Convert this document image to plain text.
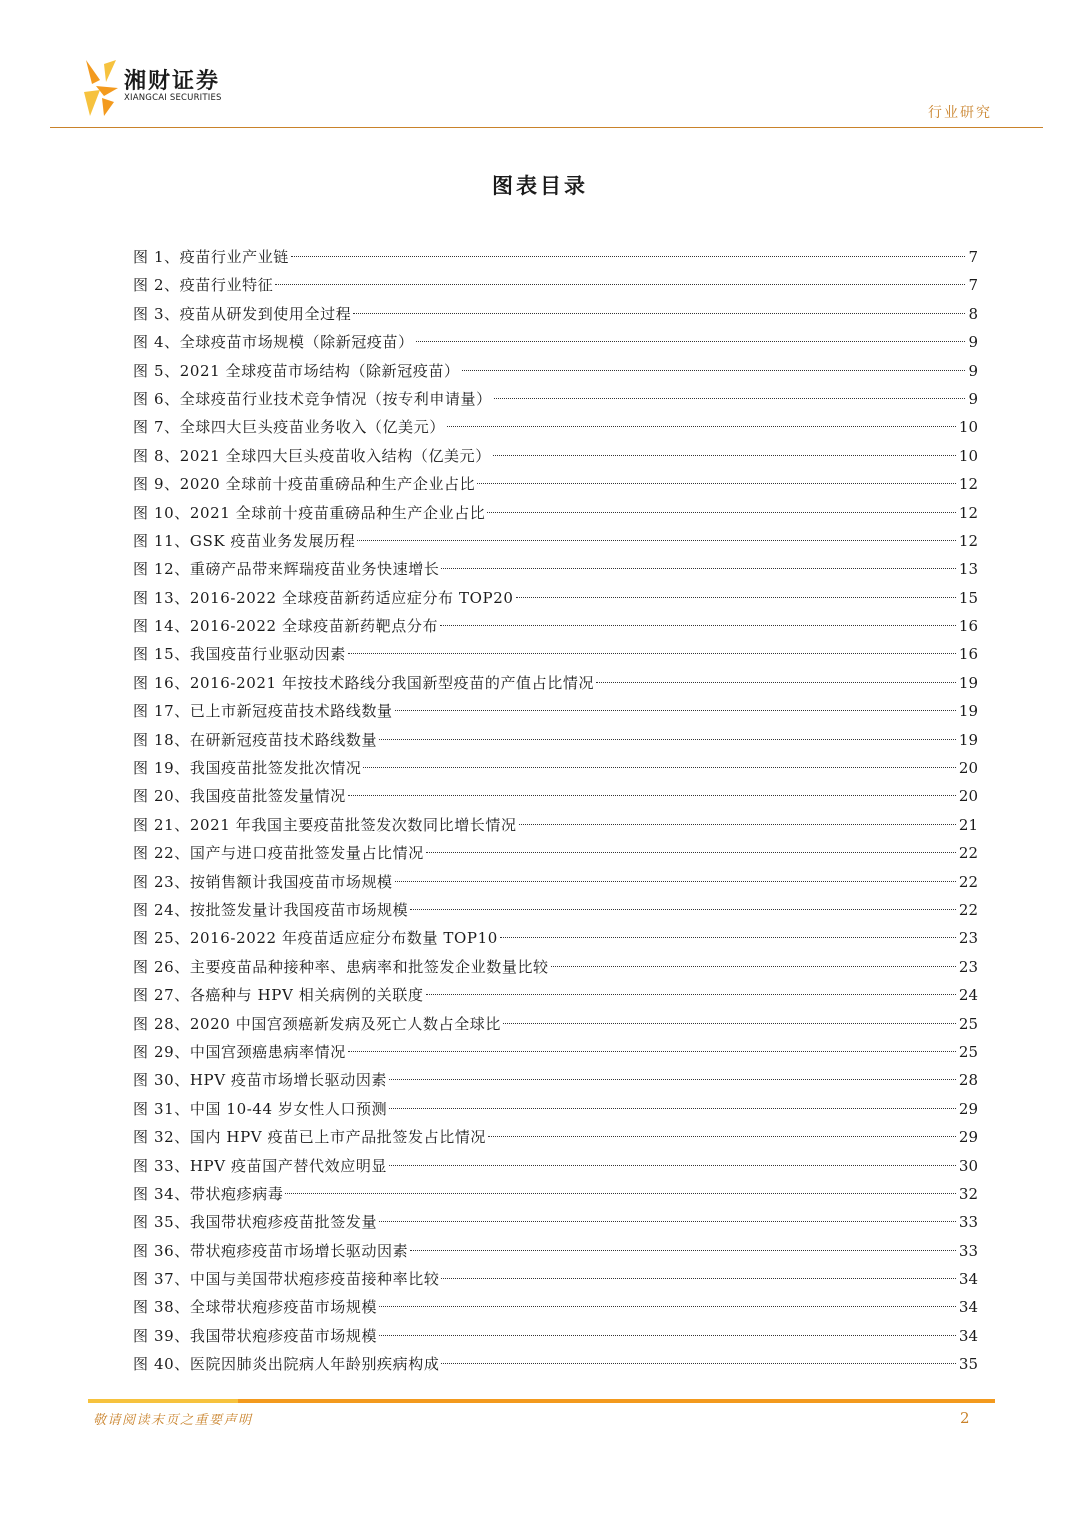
湘财证券
XIANGCAI SECURITIES
行业研究
图表目录
图 1、疫苗行业产业链	7
图 2、疫苗行业特征	7
图 3、疫苗从研发到使用全过程	8
图 4、全球疫苗市场规模（除新冠疫苗）	9
图 5、2021 全球疫苗市场结构（除新冠疫苗）	9
图 6、全球疫苗行业技术竞争情况（按专利申请量）	9
图 7、全球四大巨头疫苗业务收入（亿美元）	10
图 8、2021 全球四大巨头疫苗收入结构（亿美元）	10
图 9、2020 全球前十疫苗重磅品种生产企业占比	12
图 10、2021 全球前十疫苗重磅品种生产企业占比	12
图 11、GSK 疫苗业务发展历程	12
图 12、重磅产品带来辉瑞疫苗业务快速增长	13
图 13、2016-2022 全球疫苗新药适应症分布 TOP20	15
图 14、2016-2022 全球疫苗新药靶点分布	16
图 15、我国疫苗行业驱动因素	16
图 16、2016-2021 年按技术路线分我国新型疫苗的产值占比情况	19
图 17、已上市新冠疫苗技术路线数量	19
图 18、在研新冠疫苗技术路线数量	19
图 19、我国疫苗批签发批次情况	20
图 20、我国疫苗批签发量情况	20
图 21、2021 年我国主要疫苗批签发次数同比增长情况	21
图 22、国产与进口疫苗批签发量占比情况	22
图 23、按销售额计我国疫苗市场规模	22
图 24、按批签发量计我国疫苗市场规模	22
图 25、2016-2022 年疫苗适应症分布数量 TOP10	23
图 26、主要疫苗品种接种率、患病率和批签发企业数量比较	23
图 27、各癌种与 HPV 相关病例的关联度	24
图 28、2020 中国宫颈癌新发病及死亡人数占全球比	25
图 29、中国宫颈癌患病率情况	25
图 30、HPV 疫苗市场增长驱动因素	28
图 31、中国 10-44 岁女性人口预测	29
图 32、国内 HPV 疫苗已上市产品批签发占比情况	29
图 33、HPV 疫苗国产替代效应明显	30
图 34、带状疱疹病毒	32
图 35、我国带状疱疹疫苗批签发量	33
图 36、带状疱疹疫苗市场增长驱动因素	33
图 37、中国与美国带状疱疹疫苗接种率比较	34
图 38、全球带状疱疹疫苗市场规模	34
图 39、我国带状疱疹疫苗市场规模	34
图 40、医院因肺炎出院病人年龄别疾病构成	35
敬请阅读末页之重要声明	2
